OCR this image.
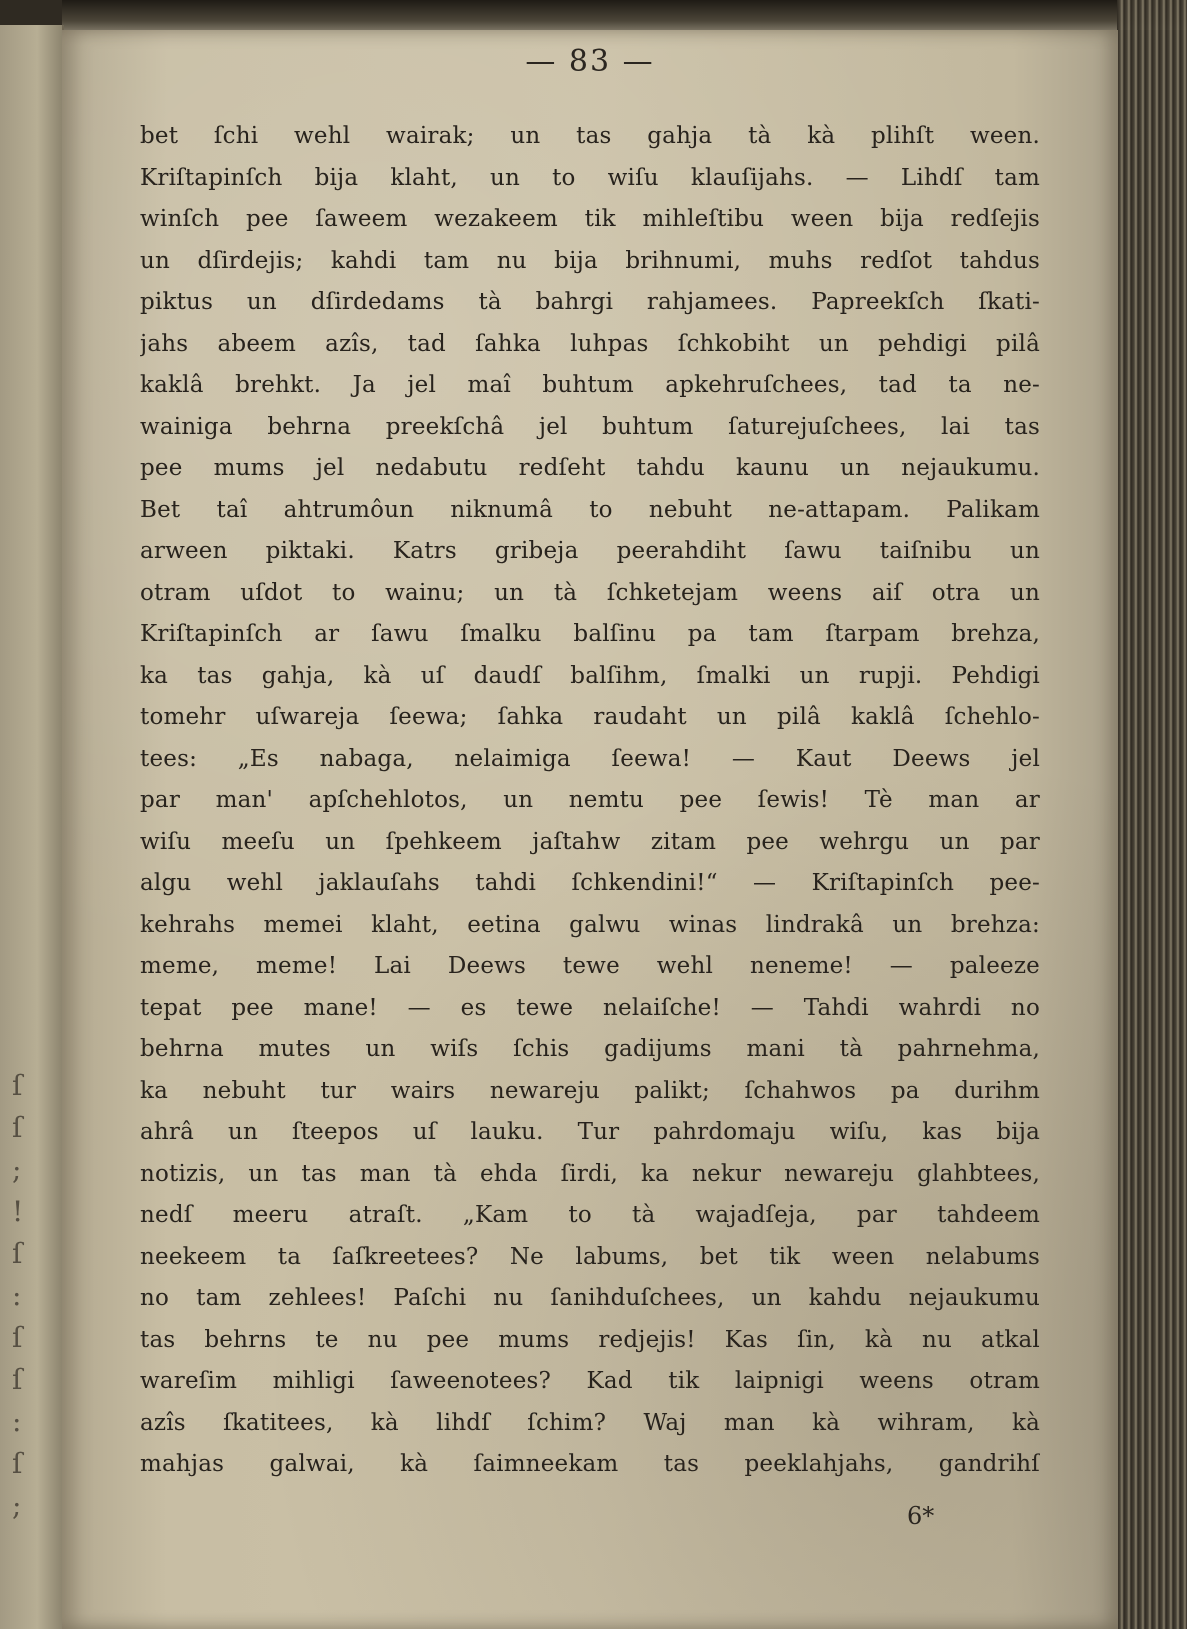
ſ
ſ
;
!
ſ
:
ſ
ſ
:
ſ
;
— 83 —
bet ſchi wehl wairak; un tas gahja tà kà plihſt ween.
Kriſtapinſch bija klaht, un to wiſu klauſijahs. — Lihdſ tam
winſch pee ſaweem wezakeem tik mihleſtibu ween bija redſejis
un dſirdejis; kahdi tam nu bija brihnumi, muhs redſot tahdus
piktus un dſirdedams tà bahrgi rahjamees. Papreekſch ſkati-
jahs abeem azîs, tad ſahka luhpas ſchkobiht un pehdigi pilâ
kaklâ brehkt. Ja jel maî buhtum apkehruſchees, tad ta ne-
wainiga behrna preekſchâ jel buhtum ſaturejuſchees, lai tas
pee mums jel nedabutu redſeht tahdu kaunu un nejaukumu.
Bet taî ahtrumôun niknumâ to nebuht ne-attapam. Palikam
arween piktaki. Katrs gribeja peerahdiht ſawu taiſnibu un
otram uſdot to wainu; un tà ſchketejam weens aiſ otra un
Kriſtapinſch ar ſawu ſmalku balſinu pa tam ſtarpam brehza,
ka tas gahja, kà uſ daudſ balſihm, ſmalki un rupji. Pehdigi
tomehr uſwareja ſeewa; ſahka raudaht un pilâ kaklâ ſchehlo-
tees: „Es nabaga, nelaimiga ſeewa! — Kaut Deews jel
par man' apſchehlotos, un nemtu pee ſewis! Tè man ar
wiſu meeſu un ſpehkeem jaſtahw zitam pee wehrgu un par
algu wehl jaklauſahs tahdi ſchkendini!“ — Kriſtapinſch pee-
kehrahs memei klaht, eetina galwu winas lindrakâ un brehza:
meme, meme! Lai Deews tewe wehl neneme! — paleeze
tepat pee mane! — es tewe nelaiſche! — Tahdi wahrdi no
behrna mutes un wiſs ſchis gadijums mani tà pahrnehma,
ka nebuht tur wairs newareju palikt; ſchahwos pa durihm
ahrâ un ſteepos uſ lauku. Tur pahrdomaju wiſu, kas bija
notizis, un tas man tà ehda ſirdi, ka nekur newareju glahbtees,
nedſ meeru atraſt. „Kam to tà wajadſeja, par tahdeem
neekeem ta ſaſkreetees? Ne labums, bet tik ween nelabums
no tam zehlees! Paſchi nu ſanihduſchees, un kahdu nejaukumu
tas behrns te nu pee mums redjejis! Kas ſin, kà nu atkal
wareſim mihligi ſaweenotees? Kad tik laipnigi weens otram
azîs ſkatitees, kà lihdſ ſchim? Waj man kà wihram, kà
mahjas galwai, kà ſaimneekam tas peeklahjahs, gandrihſ
6*
